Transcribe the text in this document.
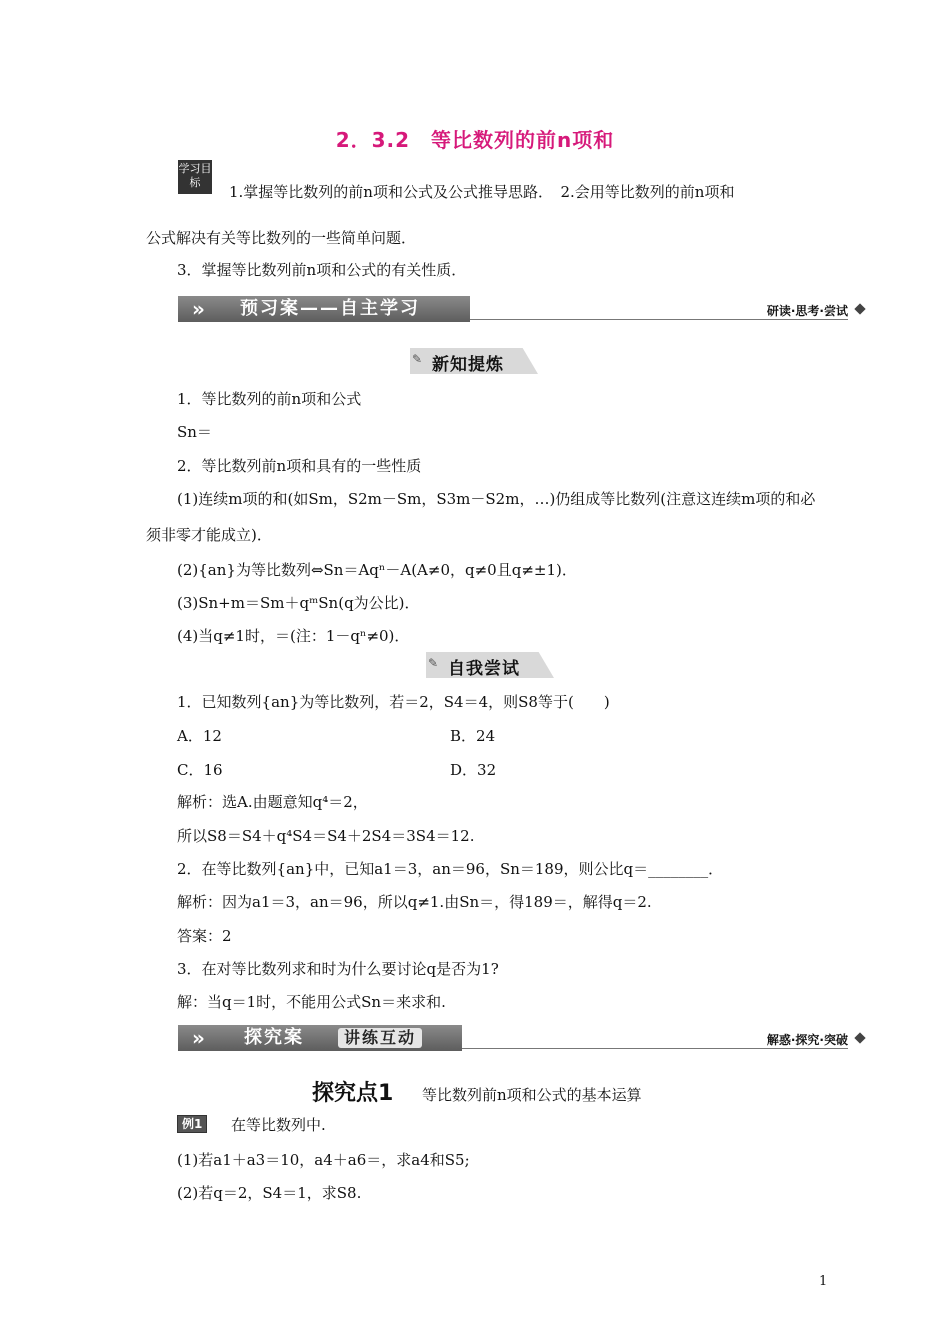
2．3.2　等比数列的前n项和
学习目标
1.掌握等比数列的前n项和公式及公式推导思路．　2.会用等比数列的前n项和
公式解决有关等比数列的一些简单问题．
3．掌握等比数列前n项和公式的有关性质．
» 预习案——自主学习	研读·思考·尝试
✎ 新知提炼
1．等比数列的前n项和公式
Sn＝
2．等比数列前n项和具有的一些性质
(1)连续m项的和(如Sm，S2m－Sm，S3m－S2m，…)仍组成等比数列(注意这连续m项的和必
须非零才能成立)．
(2){an}为等比数列⇔Sn＝Aqⁿ－A(A≠0，q≠0且q≠±1)．
(3)Sn+m＝Sm＋qᵐSn(q为公比)．
(4)当q≠1时，＝(注：1－qⁿ≠0)．
✎ 自我尝试
1．已知数列{an}为等比数列，若＝2，S4＝4，则S8等于(　　)
A．12	B．24
C．16	D．32
解析：选A.由题意知q⁴＝2，
所以S8＝S4＋q⁴S4＝S4＋2S4＝3S4＝12.
2．在等比数列{an}中，已知a1＝3，an＝96，Sn＝189，则公比q＝________．
解析：因为a1＝3，an＝96，所以q≠1.由Sn＝，得189＝，解得q＝2.
答案：2
3．在对等比数列求和时为什么要讨论q是否为1?
解：当q＝1时，不能用公式Sn＝来求和.
» 探究案	讲练互动	解惑·探究·突破
探究点1 等比数列前n项和公式的基本运算
例1	在等比数列中.
(1)若a1＋a3＝10，a4＋a6＝，求a4和S5;
(2)若q＝2，S4＝1，求S8.
1
